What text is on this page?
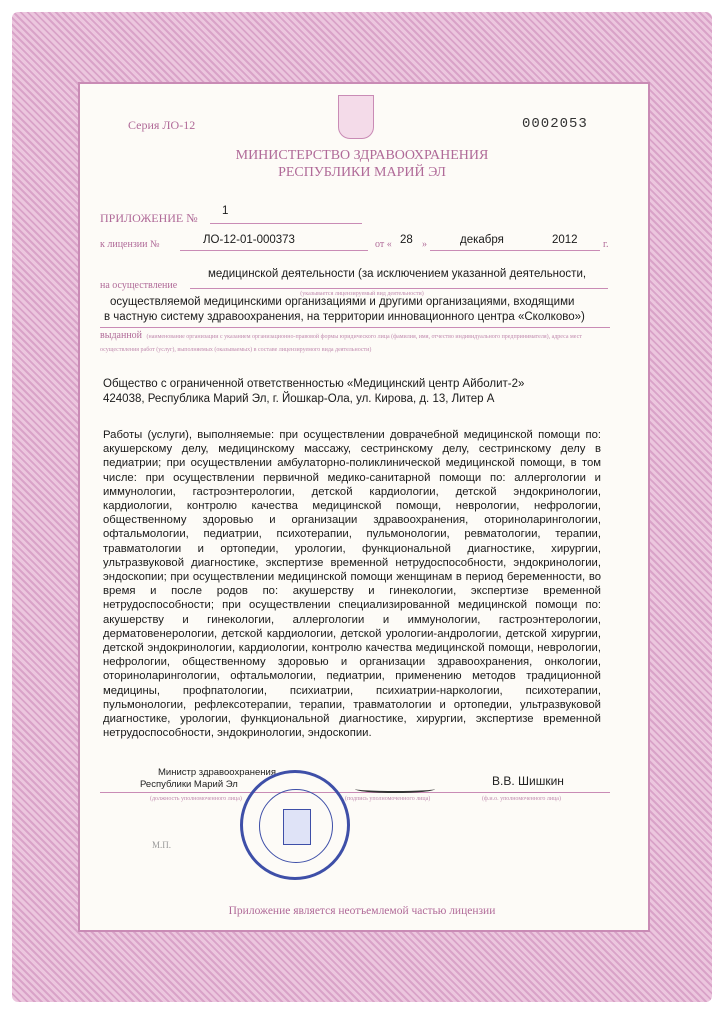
Серия ЛО-12	0002053
МИНИСТЕРСТВО ЗДРАВООХРАНЕНИЯ
РЕСПУБЛИКИ МАРИЙ ЭЛ
ПРИЛОЖЕНИЕ № 1
к лицензии №	ЛО-12-01-000373	от « 28 »	декабря	2012	г.
на осуществление
медицинской деятельности (за исключением указанной деятельности,
(указывается лицензируемый вид деятельности)
осуществляемой медицинскими организациями и другими организациями, входящими
в частную систему здравоохранения, на территории инновационного центра «Сколково»)
выданной (наименование организации с указанием организационно-правовой формы юридического лица (фамилия, имя, отчество индивидуального предпринимателя), адреса мест осуществления работ (услуг), выполняемых (оказываемых) в составе лицензируемого вида деятельности)
Общество с ограниченной ответственностью «Медицинский центр Айболит-2»
424038, Республика Марий Эл, г. Йошкар-Ола, ул. Кирова, д. 13, Литер А
Работы (услуги), выполняемые: при осуществлении доврачебной медицинской помощи по: акушерскому делу, медицинскому массажу, сестринскому делу, сестринскому делу в педиатрии; при осуществлении амбулаторно-поликлинической медицинской помощи, в том числе: при осуществлении первичной медико-санитарной помощи по: аллергологии и иммунологии, гастроэнтерологии, детской кардиологии, детской эндокринологии, кардиологии, контролю качества медицинской помощи, неврологии, нефрологии, общественному здоровью и организации здравоохранения, оториноларингологии, офтальмологии, педиатрии, психотерапии, пульмонологии, ревматологии, терапии, травматологии и ортопедии, урологии, функциональной диагностике, хирургии, ультразвуковой диагностике, экспертизе временной нетрудоспособности, эндокринологии, эндоскопии; при осуществлении медицинской помощи женщинам в период беременности, во время и после родов по: акушерству и гинекологии, экспертизе временной нетрудоспособности; при осуществлении специализированной медицинской помощи по: акушерству и гинекологии, аллергологии и иммунологии, гастроэнтерологии, дерматовенерологии, детской кардиологии, детской урологии-андрологии, детской хирургии, детской эндокринологии, кардиологии, контролю качества медицинской помощи, неврологии, нефрологии, общественному здоровью и организации здравоохранения, онкологии, оториноларингологии, офтальмологии, педиатрии, применению методов традиционной медицины, профпатологии, психиатрии, психиатрии-наркологии, психотерапии, пульмонологии, рефлексотерапии, терапии, травматологии и ортопедии, ультразвуковой диагностике, урологии, функциональной диагностике, хирургии, экспертизе временной нетрудоспособности, эндокринологии, эндоскопии.
Министр здравоохранения
Республики Марий Эл	В.В. Шишкин
(должность уполномоченного лица)	(подпись уполномоченного лица)	(ф.и.о. уполномоченного лица)
М.П.
Приложение является неотъемлемой частью лицензии
